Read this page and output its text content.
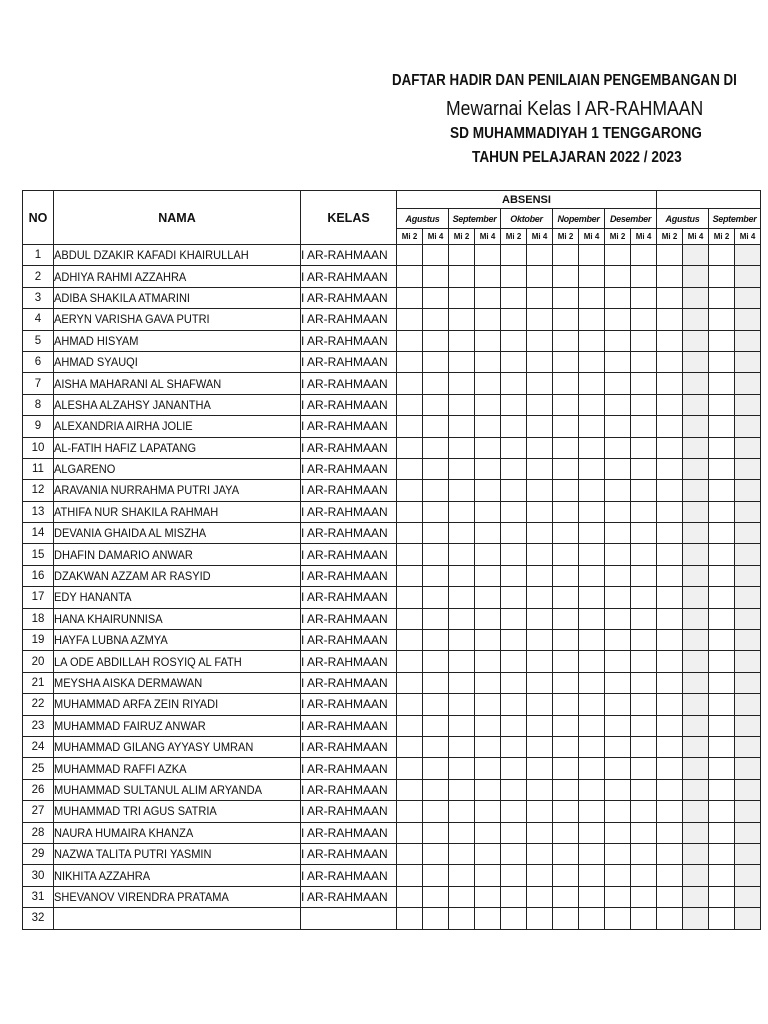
DAFTAR HADIR DAN PENILAIAN PENGEMBANGAN DI
Mewarnai Kelas I AR-RAHMAAN
SD MUHAMMADIYAH 1 TENGGARONG
TAHUN PELAJARAN 2022 / 2023
NO	NAMA	KELAS	ABSENSI													
			Agustus		September		Oktober		Nopember		Desember		Agustus		September	
			Mi 2	Mi 4	Mi 2	Mi 4	Mi 2	Mi 4	Mi 2	Mi 4	Mi 2	Mi 4	Mi 2	Mi 4	Mi 2	Mi 4
1	ABDUL DZAKIR KAFADI KHAIRULLAH	I AR-RAHMAAN														
2	ADHIYA RAHMI AZZAHRA	I AR-RAHMAAN														
3	ADIBA SHAKILA ATMARINI	I AR-RAHMAAN														
4	AERYN VARISHA GAVA PUTRI	I AR-RAHMAAN														
5	AHMAD HISYAM	I AR-RAHMAAN														
6	AHMAD SYAUQI	I AR-RAHMAAN														
7	AISHA MAHARANI AL SHAFWAN	I AR-RAHMAAN														
8	ALESHA ALZAHSY JANANTHA	I AR-RAHMAAN														
9	ALEXANDRIA AIRHA JOLIE	I AR-RAHMAAN														
10	AL-FATIH HAFIZ LAPATANG	I AR-RAHMAAN														
11	ALGARENO	I AR-RAHMAAN														
12	ARAVANIA NURRAHMA PUTRI JAYA	I AR-RAHMAAN														
13	ATHIFA NUR SHAKILA RAHMAH	I AR-RAHMAAN														
14	DEVANIA GHAIDA AL MISZHA	I AR-RAHMAAN														
15	DHAFIN DAMARIO ANWAR	I AR-RAHMAAN														
16	DZAKWAN AZZAM AR RASYID	I AR-RAHMAAN														
17	EDY HANANTA	I AR-RAHMAAN														
18	HANA KHAIRUNNISA	I AR-RAHMAAN														
19	HAYFA LUBNA AZMYA	I AR-RAHMAAN														
20	LA ODE ABDILLAH ROSYIQ AL FATH	I AR-RAHMAAN														
21	MEYSHA AISKA DERMAWAN	I AR-RAHMAAN														
22	MUHAMMAD ARFA ZEIN RIYADI	I AR-RAHMAAN														
23	MUHAMMAD FAIRUZ ANWAR	I AR-RAHMAAN														
24	MUHAMMAD GILANG AYYASY UMRAN	I AR-RAHMAAN														
25	MUHAMMAD RAFFI AZKA	I AR-RAHMAAN														
26	MUHAMMAD SULTANUL ALIM ARYANDA	I AR-RAHMAAN														
27	MUHAMMAD TRI AGUS SATRIA	I AR-RAHMAAN														
28	NAURA HUMAIRA KHANZA	I AR-RAHMAAN														
29	NAZWA TALITA PUTRI YASMIN	I AR-RAHMAAN														
30	NIKHITA AZZAHRA	I AR-RAHMAAN														
31	SHEVANOV VIRENDRA PRATAMA	I AR-RAHMAAN														
32																
